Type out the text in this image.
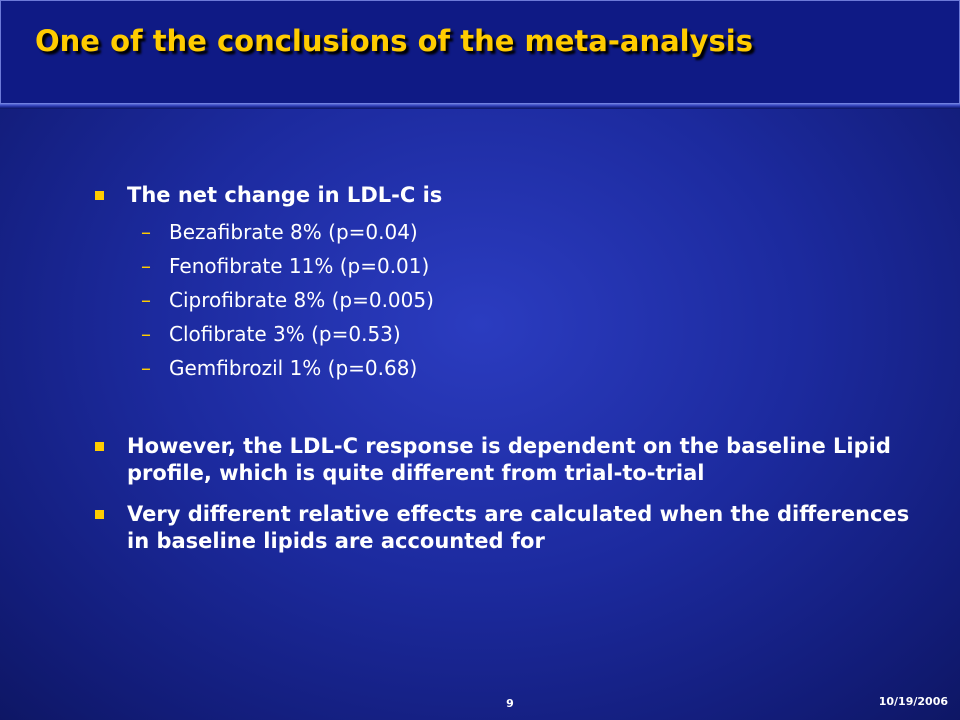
One of the conclusions of the meta-analysis
The net change in LDL-C is
– Bezafibrate 8% (p=0.04)
– Fenofibrate 11% (p=0.01)
– Ciprofibrate 8% (p=0.005)
– Clofibrate 3% (p=0.53)
– Gemfibrozil 1% (p=0.68)
However, the LDL-C response is dependent on the baseline Lipid profile, which is quite different from trial-to-trial
Very different relative effects are calculated when the differences in baseline lipids are accounted for
9	10/19/2006
